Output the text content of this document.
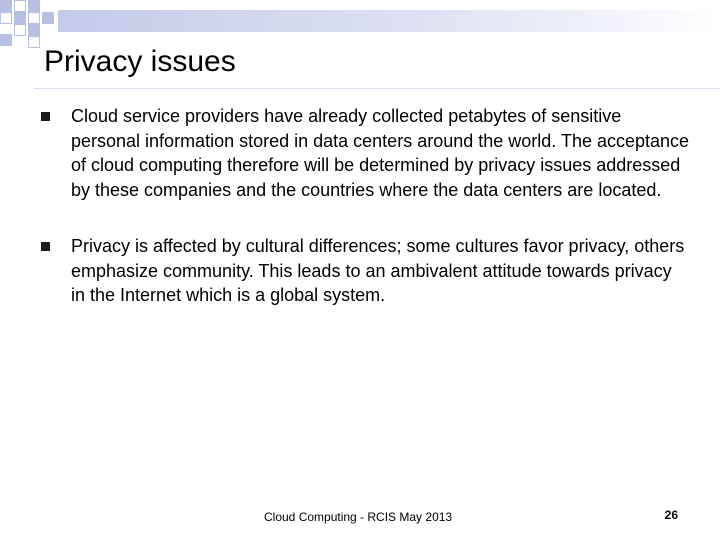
Privacy issues
Cloud service providers have already collected petabytes of sensitive personal information stored in data centers around the world. The acceptance of cloud computing therefore will be determined by privacy issues addressed by these companies and the countries where the data centers are located.
Privacy is affected by cultural differences; some cultures favor privacy, others emphasize community. This leads to an ambivalent attitude towards privacy in the Internet which is a global system.
Cloud Computing - RCIS May 2013	26
